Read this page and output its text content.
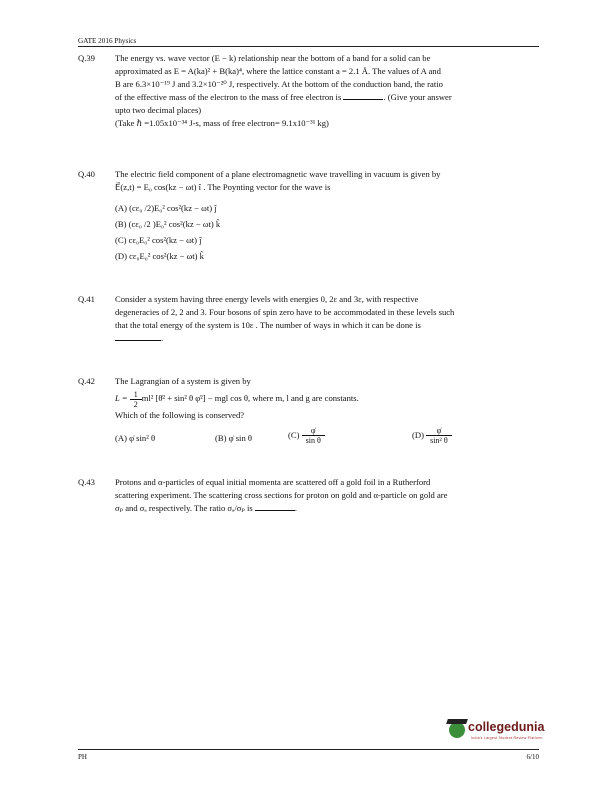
GATE 2016 Physics
Q.39	The energy vs. wave vector (E − k) relationship near the bottom of a band for a solid can be

approximated as E = A(ka)² + B(ka)⁴, where the lattice constant a = 2.1 Å. The values of A and

B are 6.3×10⁻¹⁹ J and 3.2×10⁻²⁰ J, respectively. At the bottom of the conduction band, the ratio

of the effective mass of the electron to the mass of free electron is	. (Give your answer

upto two decimal places)

(Take ℏ =1.05x10⁻³⁴ J-s, mass of free electron= 9.1x10⁻³¹ kg)

Q.40	The electric field component of a plane electromagnetic wave travelling in vacuum is given by

E⃗(z,t) = E₀ cos(kz − ωt) î . The Poynting vector for the wave is

(A) (cε₀ /2)E₀² cos²(kz − ωt) ĵ

(B) (cε₀ /2 )E₀² cos²(kz − ωt) k̂

(C) cε₀E₀² cos²(kz − ωt) ĵ

(D) cε₀E₀² cos²(kz − ωt) k̂

Q.41	Consider a system having three energy levels with energies 0, 2ε and 3ε, with respective

degeneracies of 2, 2 and 3. Four bosons of spin zero have to be accommodated in these levels such

that the total energy of the system is 10ε . The number of ways in which it can be done is

.

Q.42	The Lagrangian of a system is given by

$L = \frac{1}{2} ml^2$ [θ̇² + sin² θ φ̇²] − mgl cos θ, where m, l and g are constants.

Which of the following is conserved?

(A) φ̇ sin² θ	(B) φ̇ sin θ	$(C) \frac{\varphi̇}{\text{sin θ}}$	$(D) \frac{\varphi̇}{\text{sin² θ}}$
Q.43	Protons and α-particles of equal initial momenta are scattered off a gold foil in a Rutherford

scattering experiment. The scattering cross sections for proton on gold and α-particle on gold are

σₚ and σₐ respectively. The ratio σₐ/σₚ is	.

collegedunia
India's Largest Student Review Platform
PH	6/10
